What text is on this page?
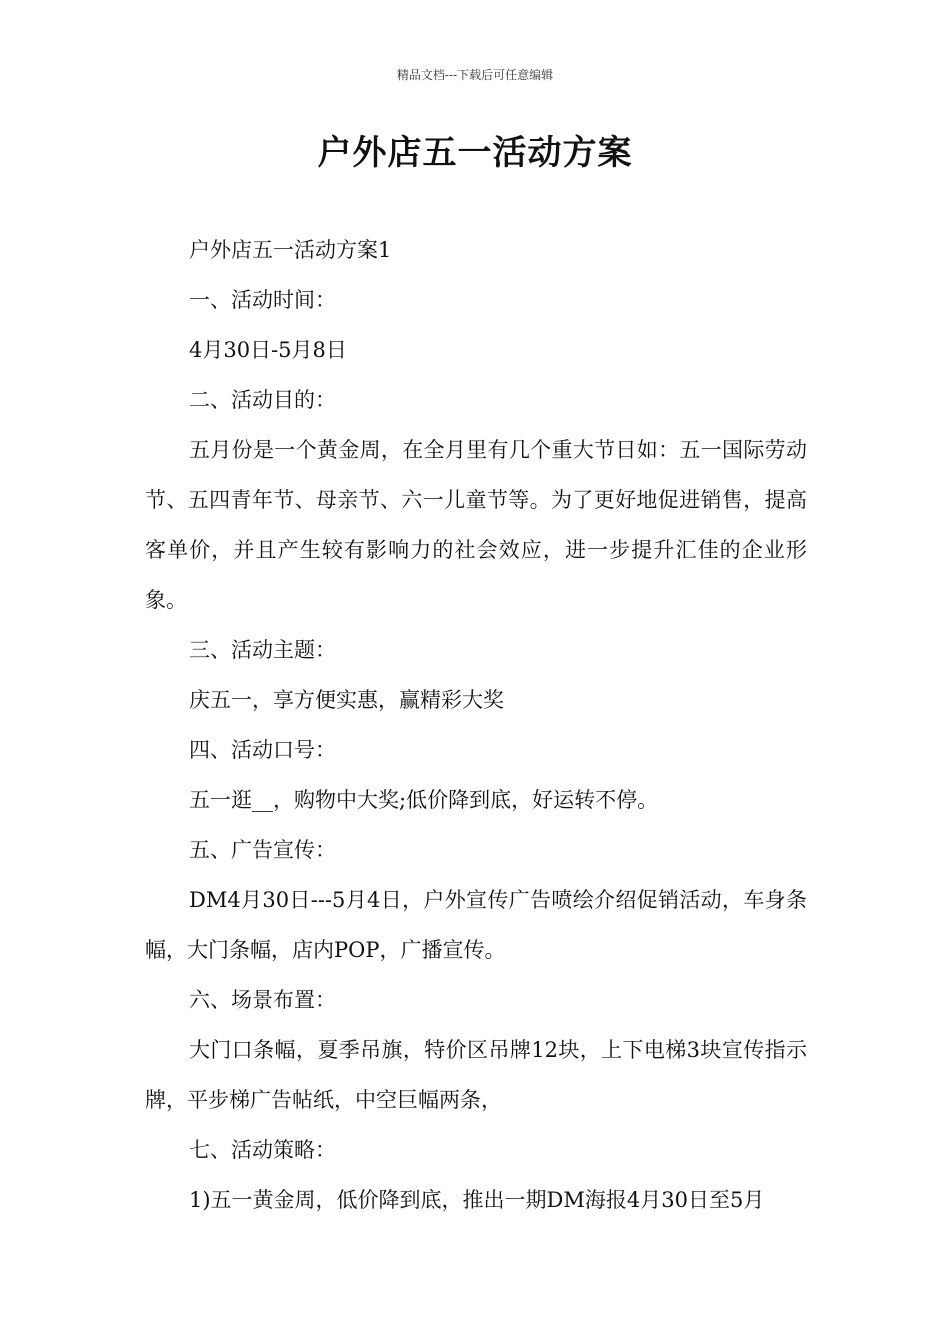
精品文档---下载后可任意编辑
户外店五一活动方案

户外店五一活动方案1

一、活动时间：

4月30日-5月8日

二、活动目的：

五月份是一个黄金周，在全月里有几个重大节日如：五一国际劳动节、五四青年节、母亲节、六一儿童节等。为了更好地促进销售，提高客单价，并且产生较有影响力的社会效应，进一步提升汇佳的企业形象。

三、活动主题：

庆五一，享方便实惠，赢精彩大奖

四、活动口号：

五一逛__，购物中大奖;低价降到底，好运转不停。

五、广告宣传：

DM4月30日---5月4日，户外宣传广告喷绘介绍促销活动，车身条幅，大门条幅，店内POP，广播宣传。

六、场景布置：

大门口条幅，夏季吊旗，特价区吊牌12块，上下电梯3块宣传指示牌，平步梯广告帖纸，中空巨幅两条，

七、活动策略：

1)五一黄金周，低价降到底，推出一期DM海报4月30日至5月
